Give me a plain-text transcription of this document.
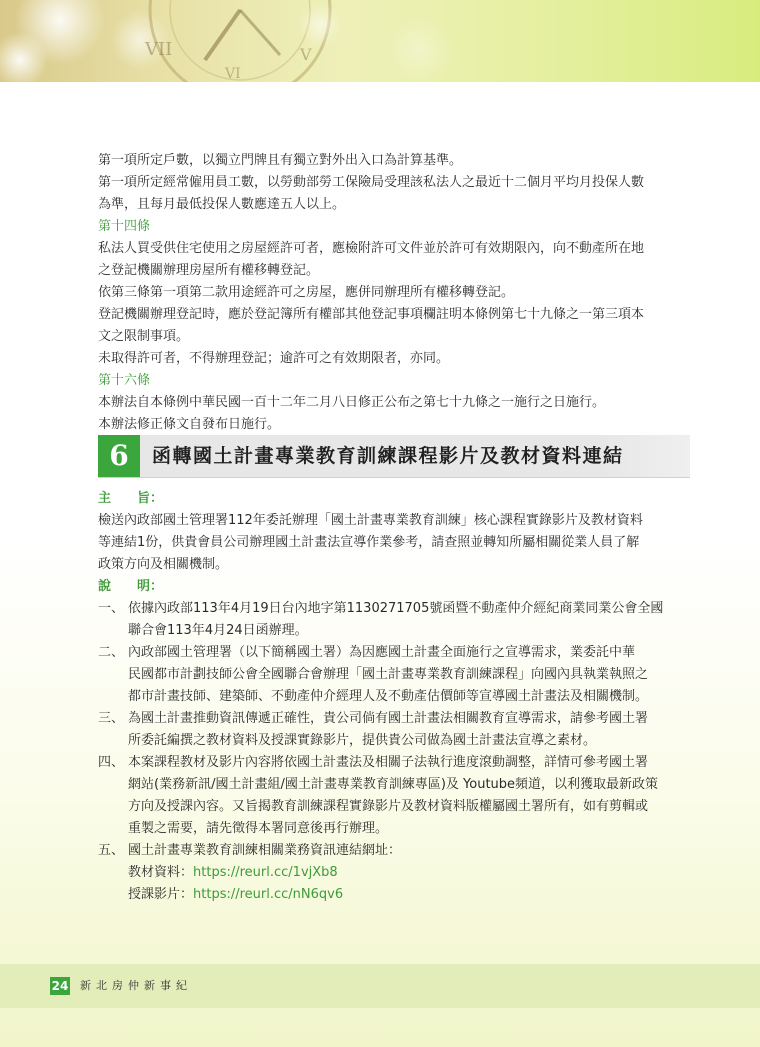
VII
VI
V

第一項所定戶數，以獨立門牌且有獨立對外出入口為計算基準。

第一項所定經常僱用員工數，以勞動部勞工保險局受理該私法人之最近十二個月平均月投保人數

為準，且每月最低投保人數應達五人以上。

第十四條

私法人買受供住宅使用之房屋經許可者，應檢附許可文件並於許可有效期限內，向不動產所在地

之登記機關辦理房屋所有權移轉登記。

依第三條第一項第二款用途經許可之房屋，應併同辦理所有權移轉登記。

登記機關辦理登記時，應於登記簿所有權部其他登記事項欄註明本條例第七十九條之一第三項本

文之限制事項。

未取得許可者，不得辦理登記；逾許可之有效期限者，亦同。

第十六條

本辦法自本條例中華民國一百十二年二月八日修正公布之第七十九條之一施行之日施行。

本辦法修正條文自發布日施行。

6	函轉國土計畫專業教育訓練課程影片及教材資料連結

主　　旨：

檢送內政部國土管理署112年委託辦理「國土計畫專業教育訓練」核心課程實錄影片及教材資料

等連結1份，供貴會員公司辦理國土計畫法宣導作業參考，請查照並轉知所屬相關從業人員了解

政策方向及相關機制。

說　　明：

一、 依據內政部113年4月19日台內地字第1130271705號函暨不動產仲介經紀商業同業公會全國

聯合會113年4月24日函辦理。

二、 內政部國土管理署（以下簡稱國土署）為因應國土計畫全面施行之宣導需求，業委託中華

民國都市計劃技師公會全國聯合會辦理「國土計畫專業教育訓練課程」向國內具執業執照之

都市計畫技師、建築師、不動產仲介經理人及不動產估價師等宣導國土計畫法及相關機制。

三、 為國土計畫推動資訊傳遞正確性，貴公司倘有國土計畫法相關教育宣導需求，請參考國土署

所委託編撰之教材資料及授課實錄影片，提供貴公司做為國土計畫法宣導之素材。

四、 本案課程教材及影片內容將依國土計畫法及相關子法執行進度滾動調整，詳情可參考國土署

網站(業務新訊/國土計畫組/國土計畫專業教育訓練專區)及 Youtube頻道，以利獲取最新政策

方向及授課內容。又旨揭教育訓練課程實錄影片及教材資料版權屬國土署所有，如有剪輯或

重製之需要，請先徵得本署同意後再行辦理。

五、 國土計畫專業教育訓練相關業務資訊連結網址：

教材資料：https://reurl.cc/1vjXb8

授課影片：https://reurl.cc/nN6qv6

24 新北房仲新事紀
